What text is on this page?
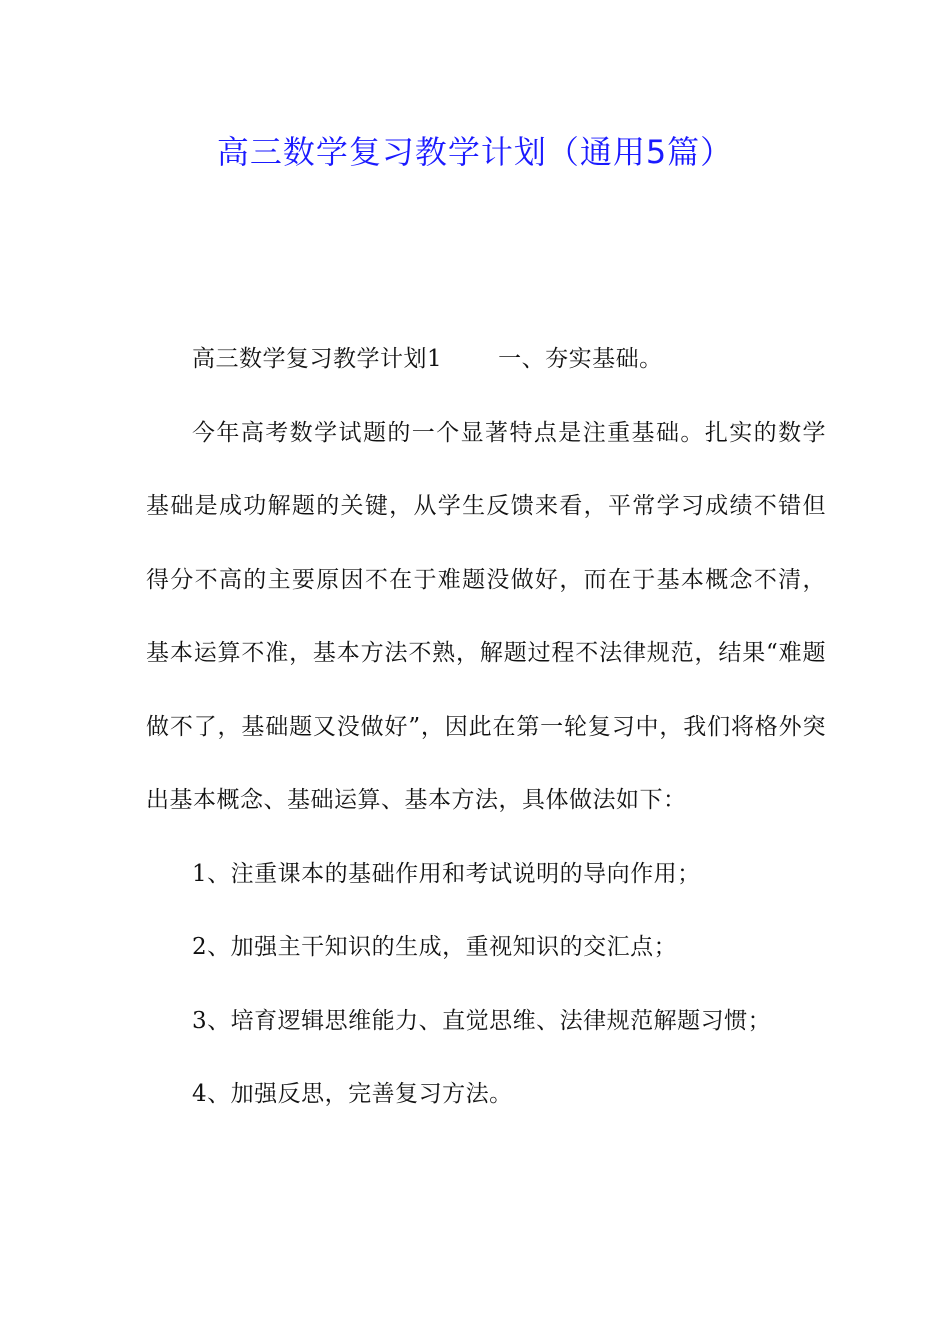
高三数学复习教学计划（通用5篇）

高三数学复习教学计划1 一、夯实基础。

今年高考数学试题的一个显著特点是注重基础。扎实的数学基础是成功解题的关键，从学生反馈来看，平常学习成绩不错但得分不高的主要原因不在于难题没做好，而在于基本概念不清，基本运算不准，基本方法不熟，解题过程不法律规范，结果“难题做不了，基础题又没做好”，因此在第一轮复习中，我们将格外突出基本概念、基础运算、基本方法，具体做法如下：

1、注重课本的基础作用和考试说明的导向作用；

2、加强主干知识的生成，重视知识的交汇点；

3、培育逻辑思维能力、直觉思维、法律规范解题习惯；

4、加强反思，完善复习方法。
